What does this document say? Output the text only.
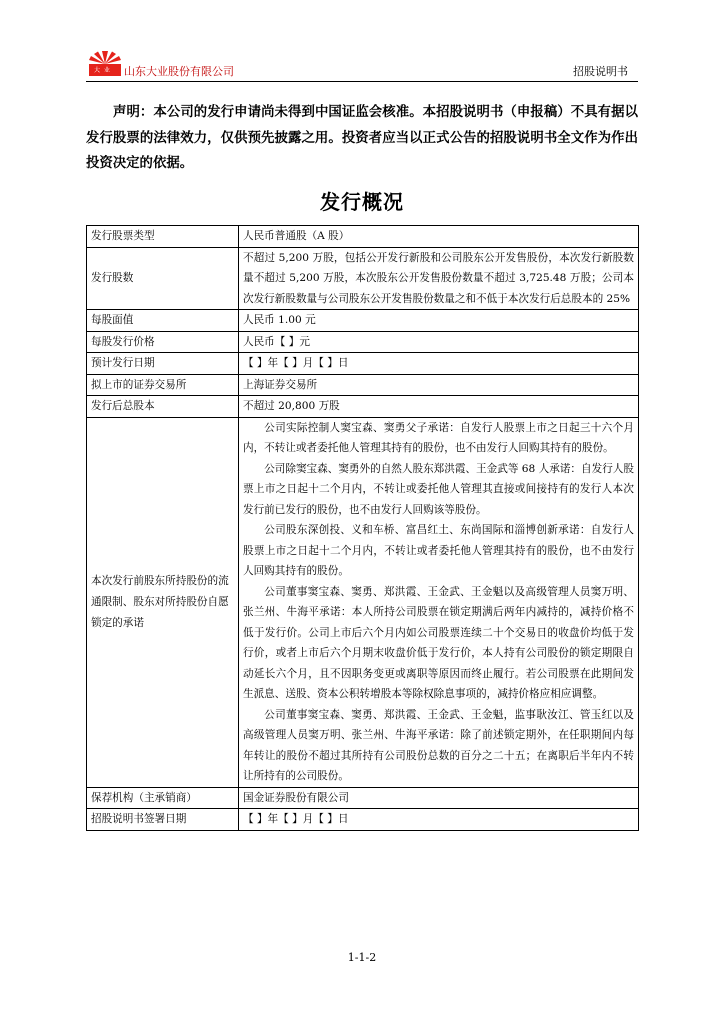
大 业 山东大业股份有限公司	招股说明书
声明：本公司的发行申请尚未得到中国证监会核准。本招股说明书（申报稿）不具有据以发行股票的法律效力，仅供预先披露之用。投资者应当以正式公告的招股说明书全文作为作出投资决定的依据。
发行概况
发行股票类型	人民币普通股（A 股）
发行股数	不超过 5,200 万股，包括公开发行新股和公司股东公开发售股份，本次发行新股数量不超过 5,200 万股，本次股东公开发售股份数量不超过 3,725.48 万股；公司本次发行新股数量与公司股东公开发售股份数量之和不低于本次发行后总股本的 25%
每股面值	人民币 1.00 元
每股发行价格	人民币【 】元
预计发行日期	【 】年【 】月【 】日
拟上市的证券交易所	上海证券交易所
发行后总股本	不超过 20,800 万股

本次发行前股东所持股份的流通限制、股东对所持股份自愿锁定的承诺	公司实际控制人窦宝森、窦勇父子承诺：自发行人股票上市之日起三十六个月内，不转让或者委托他人管理其持有的股份，也不由发行人回购其持有的股份。

公司除窦宝森、窦勇外的自然人股东郑洪霞、王金武等 68 人承诺：自发行人股票上市之日起十二个月内，不转让或委托他人管理其直接或间接持有的发行人本次发行前已发行的股份，也不由发行人回购该等股份。

公司股东深创投、义和车桥、富昌红土、东尚国际和淄博创新承诺：自发行人股票上市之日起十二个月内，不转让或者委托他人管理其持有的股份，也不由发行人回购其持有的股份。

公司董事窦宝森、窦勇、郑洪霞、王金武、王金魁以及高级管理人员窦万明、张兰州、牛海平承诺：本人所持公司股票在锁定期满后两年内减持的，减持价格不低于发行价。公司上市后六个月内如公司股票连续二十个交易日的收盘价均低于发行价，或者上市后六个月期末收盘价低于发行价，本人持有公司股份的锁定期限自动延长六个月，且不因职务变更或离职等原因而终止履行。若公司股票在此期间发生派息、送股、资本公积转增股本等除权除息事项的，减持价格应相应调整。

公司董事窦宝森、窦勇、郑洪霞、王金武、王金魁，监事耿汝江、管玉红以及高级管理人员窦万明、张兰州、牛海平承诺：除了前述锁定期外，在任职期间内每年转让的股份不超过其所持有公司股份总数的百分之二十五；在离职后半年内不转让所持有的公司股份。

保荐机构（主承销商）	国金证券股份有限公司
招股说明书签署日期	【 】年【 】月【 】日
1-1-2
